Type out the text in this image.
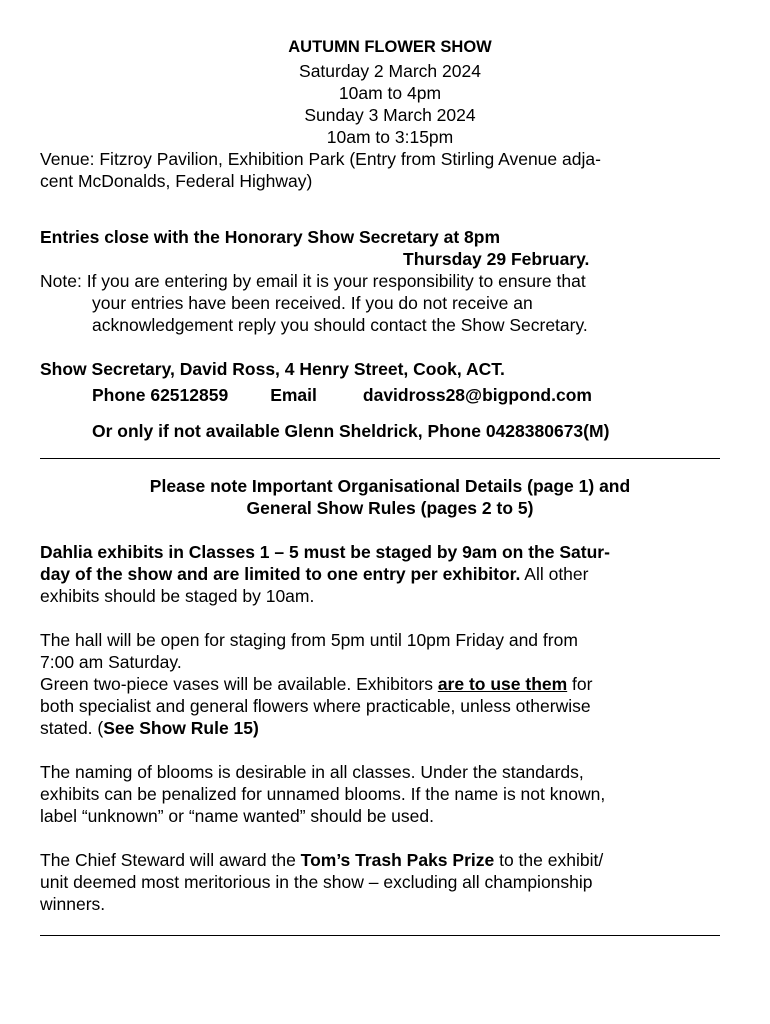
AUTUMN FLOWER SHOW

Saturday 2 March 2024

10am to 4pm

Sunday 3 March 2024

10am to 3:15pm

Venue: Fitzroy Pavilion, Exhibition Park (Entry from Stirling Avenue adja-

cent McDonalds, Federal Highway)

Entries close with the Honorary Show Secretary at 8pm

Thursday 29 February.

Note: If you are entering by email it is your responsibility to ensure that

your entries have been received. If you do not receive an

acknowledgement reply you should contact the Show Secretary.

Show Secretary, David Ross, 4 Henry Street, Cook, ACT.

Phone 62512859 Email	davidross28@bigpond.com

Or only if not available Glenn Sheldrick, Phone 0428380673(M)

Please note Important Organisational Details (page 1) and

General Show Rules (pages 2 to 5)

Dahlia exhibits in Classes 1 – 5 must be staged by 9am on the Satur-

day of the show and are limited to one entry per exhibitor. All other

exhibits should be staged by 10am.

The hall will be open for staging from 5pm until 10pm Friday and from

7:00 am Saturday.

Green two-piece vases will be available. Exhibitors are to use them for

both specialist and general flowers where practicable, unless otherwise

stated. (See Show Rule 15)

The naming of blooms is desirable in all classes. Under the standards,

exhibits can be penalized for unnamed blooms. If the name is not known,

label “unknown” or “name wanted” should be used.

The Chief Steward will award the Tom’s Trash Paks Prize to the exhibit/

unit deemed most meritorious in the show – excluding all championship

winners.
